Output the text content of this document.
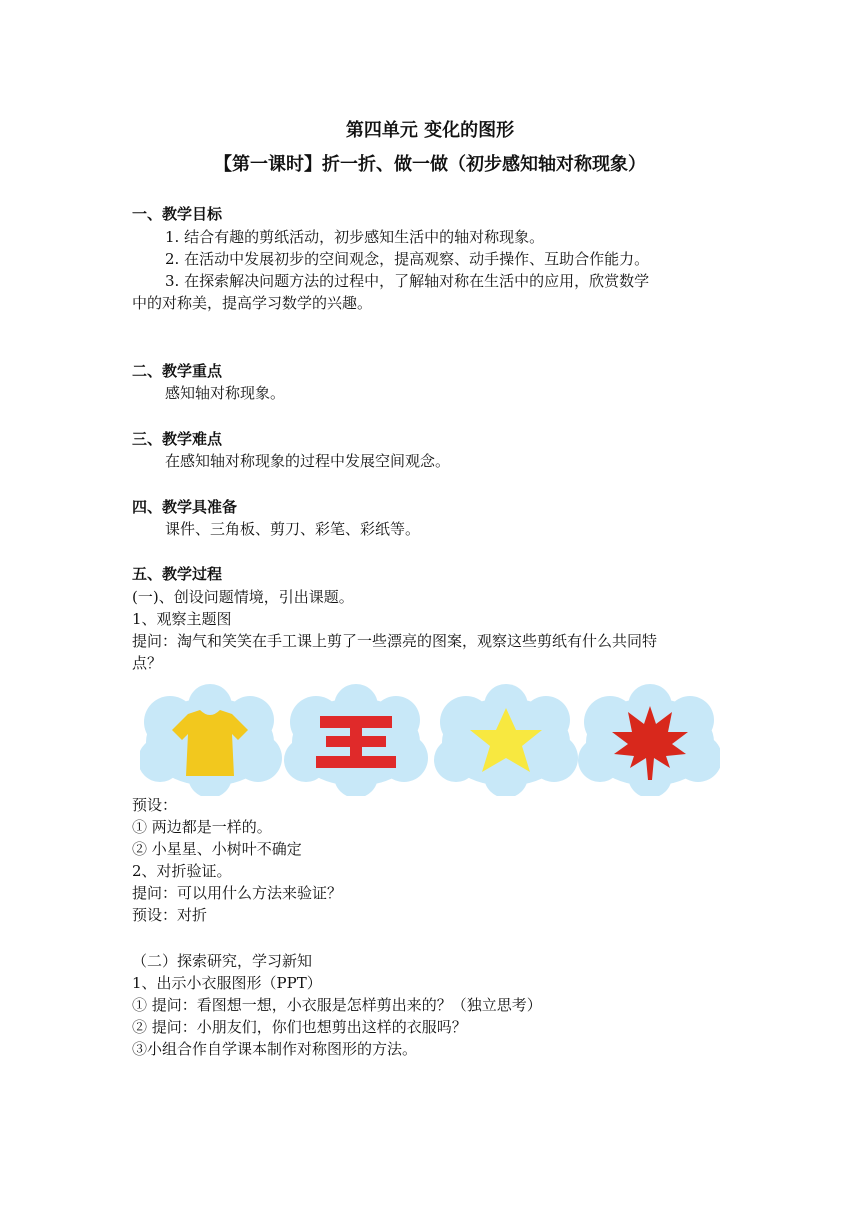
第四单元 变化的图形
【第一课时】折一折、做一做（初步感知轴对称现象）
一、教学目标
1. 结合有趣的剪纸活动，初步感知生活中的轴对称现象。
2. 在活动中发展初步的空间观念，提高观察、动手操作、互助合作能力。
3. 在探索解决问题方法的过程中，了解轴对称在生活中的应用，欣赏数学
中的对称美，提高学习数学的兴趣。
二、教学重点
感知轴对称现象。
三、教学难点
在感知轴对称现象的过程中发展空间观念。
四、教学具准备
课件、三角板、剪刀、彩笔、彩纸等。
五、教学过程
(一)、创设问题情境，引出课题。
1、观察主题图
提问：淘气和笑笑在手工课上剪了一些漂亮的图案，观察这些剪纸有什么共同特
点？
预设：
① 两边都是一样的。
② 小星星、小树叶不确定
2、对折验证。
提问：可以用什么方法来验证？
预设：对折
（二）探索研究，学习新知
1、出示小衣服图形（PPT）
① 提问：看图想一想，小衣服是怎样剪出来的？（独立思考）
② 提问：小朋友们，你们也想剪出这样的衣服吗？
③小组合作自学课本制作对称图形的方法。
